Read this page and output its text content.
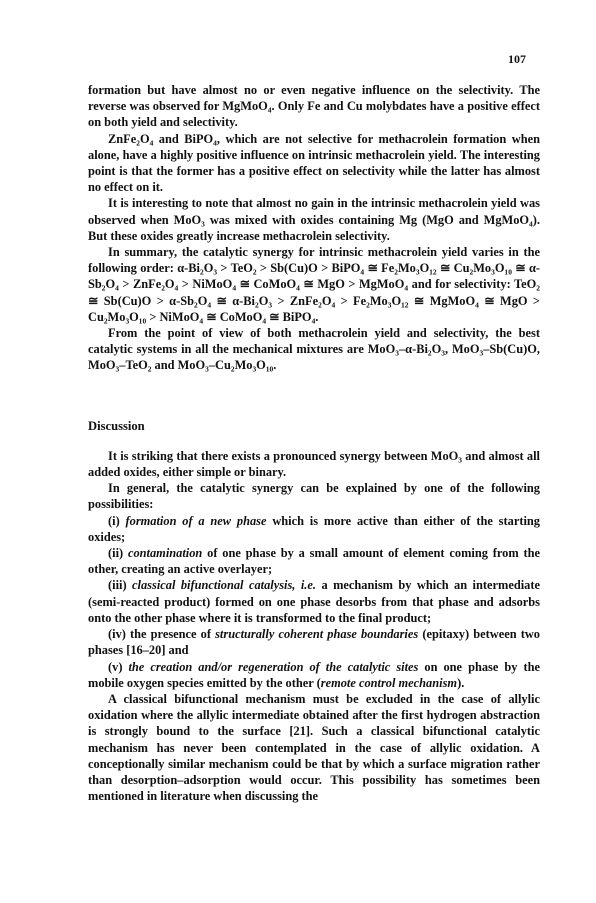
107

formation but have almost no or even negative influence on the selectivity. The reverse was observed for MgMoO₄. Only Fe and Cu molybdates have a positive effect on both yield and selectivity.

ZnFe₂O₄ and BiPO₄, which are not selective for methacrolein formation when alone, have a highly positive influence on intrinsic methacrolein yield. The interesting point is that the former has a positive effect on selectivity while the latter has almost no effect on it.

It is interesting to note that almost no gain in the intrinsic methacrolein yield was observed when MoO₃ was mixed with oxides containing Mg (MgO and MgMoO₄). But these oxides greatly increase methacrolein selectivity.

In summary, the catalytic synergy for intrinsic methacrolein yield varies in the following order: α-Bi₂O₃ > TeO₂ > Sb(Cu)O > BiPO₄ ≅ Fe₂Mo₃O₁₂ ≅ Cu₂Mo₃O₁₀ ≅ α-Sb₂O₄ > ZnFe₂O₄ > NiMoO₄ ≅ CoMoO₄ ≅ MgO > MgMoO₄ and for selectivity: TeO₂ ≅ Sb(Cu)O > α-Sb₂O₄ ≅ α-Bi₂O₃ > ZnFe₂O₄ > Fe₂Mo₃O₁₂ ≅ MgMoO₄ ≅ MgO > Cu₂Mo₃O₁₀ > NiMoO₄ ≅ CoMoO₄ ≅ BiPO₄.

From the point of view of both methacrolein yield and selectivity, the best catalytic systems in all the mechanical mixtures are MoO₃–α-Bi₂O₃, MoO₃–Sb(Cu)O, MoO₃–TeO₂ and MoO₃–Cu₂Mo₃O₁₀.

Discussion

It is striking that there exists a pronounced synergy between MoO₃ and almost all added oxides, either simple or binary.

In general, the catalytic synergy can be explained by one of the following possibilities:

(i) formation of a new phase which is more active than either of the starting oxides;

(ii) contamination of one phase by a small amount of element coming from the other, creating an active overlayer;

(iii) classical bifunctional catalysis, i.e. a mechanism by which an intermediate (semi-reacted product) formed on one phase desorbs from that phase and adsorbs onto the other phase where it is transformed to the final product;

(iv) the presence of structurally coherent phase boundaries (epitaxy) between two phases [16–20] and

(v) the creation and/or regeneration of the catalytic sites on one phase by the mobile oxygen species emitted by the other (remote control mechanism).

A classical bifunctional mechanism must be excluded in the case of allylic oxidation where the allylic intermediate obtained after the first hydrogen abstraction is strongly bound to the surface [21]. Such a classical bifunctional catalytic mechanism has never been contemplated in the case of allylic oxidation. A conceptionally similar mechanism could be that by which a surface migration rather than desorption–adsorption would occur. This possibility has sometimes been mentioned in literature when discussing the
